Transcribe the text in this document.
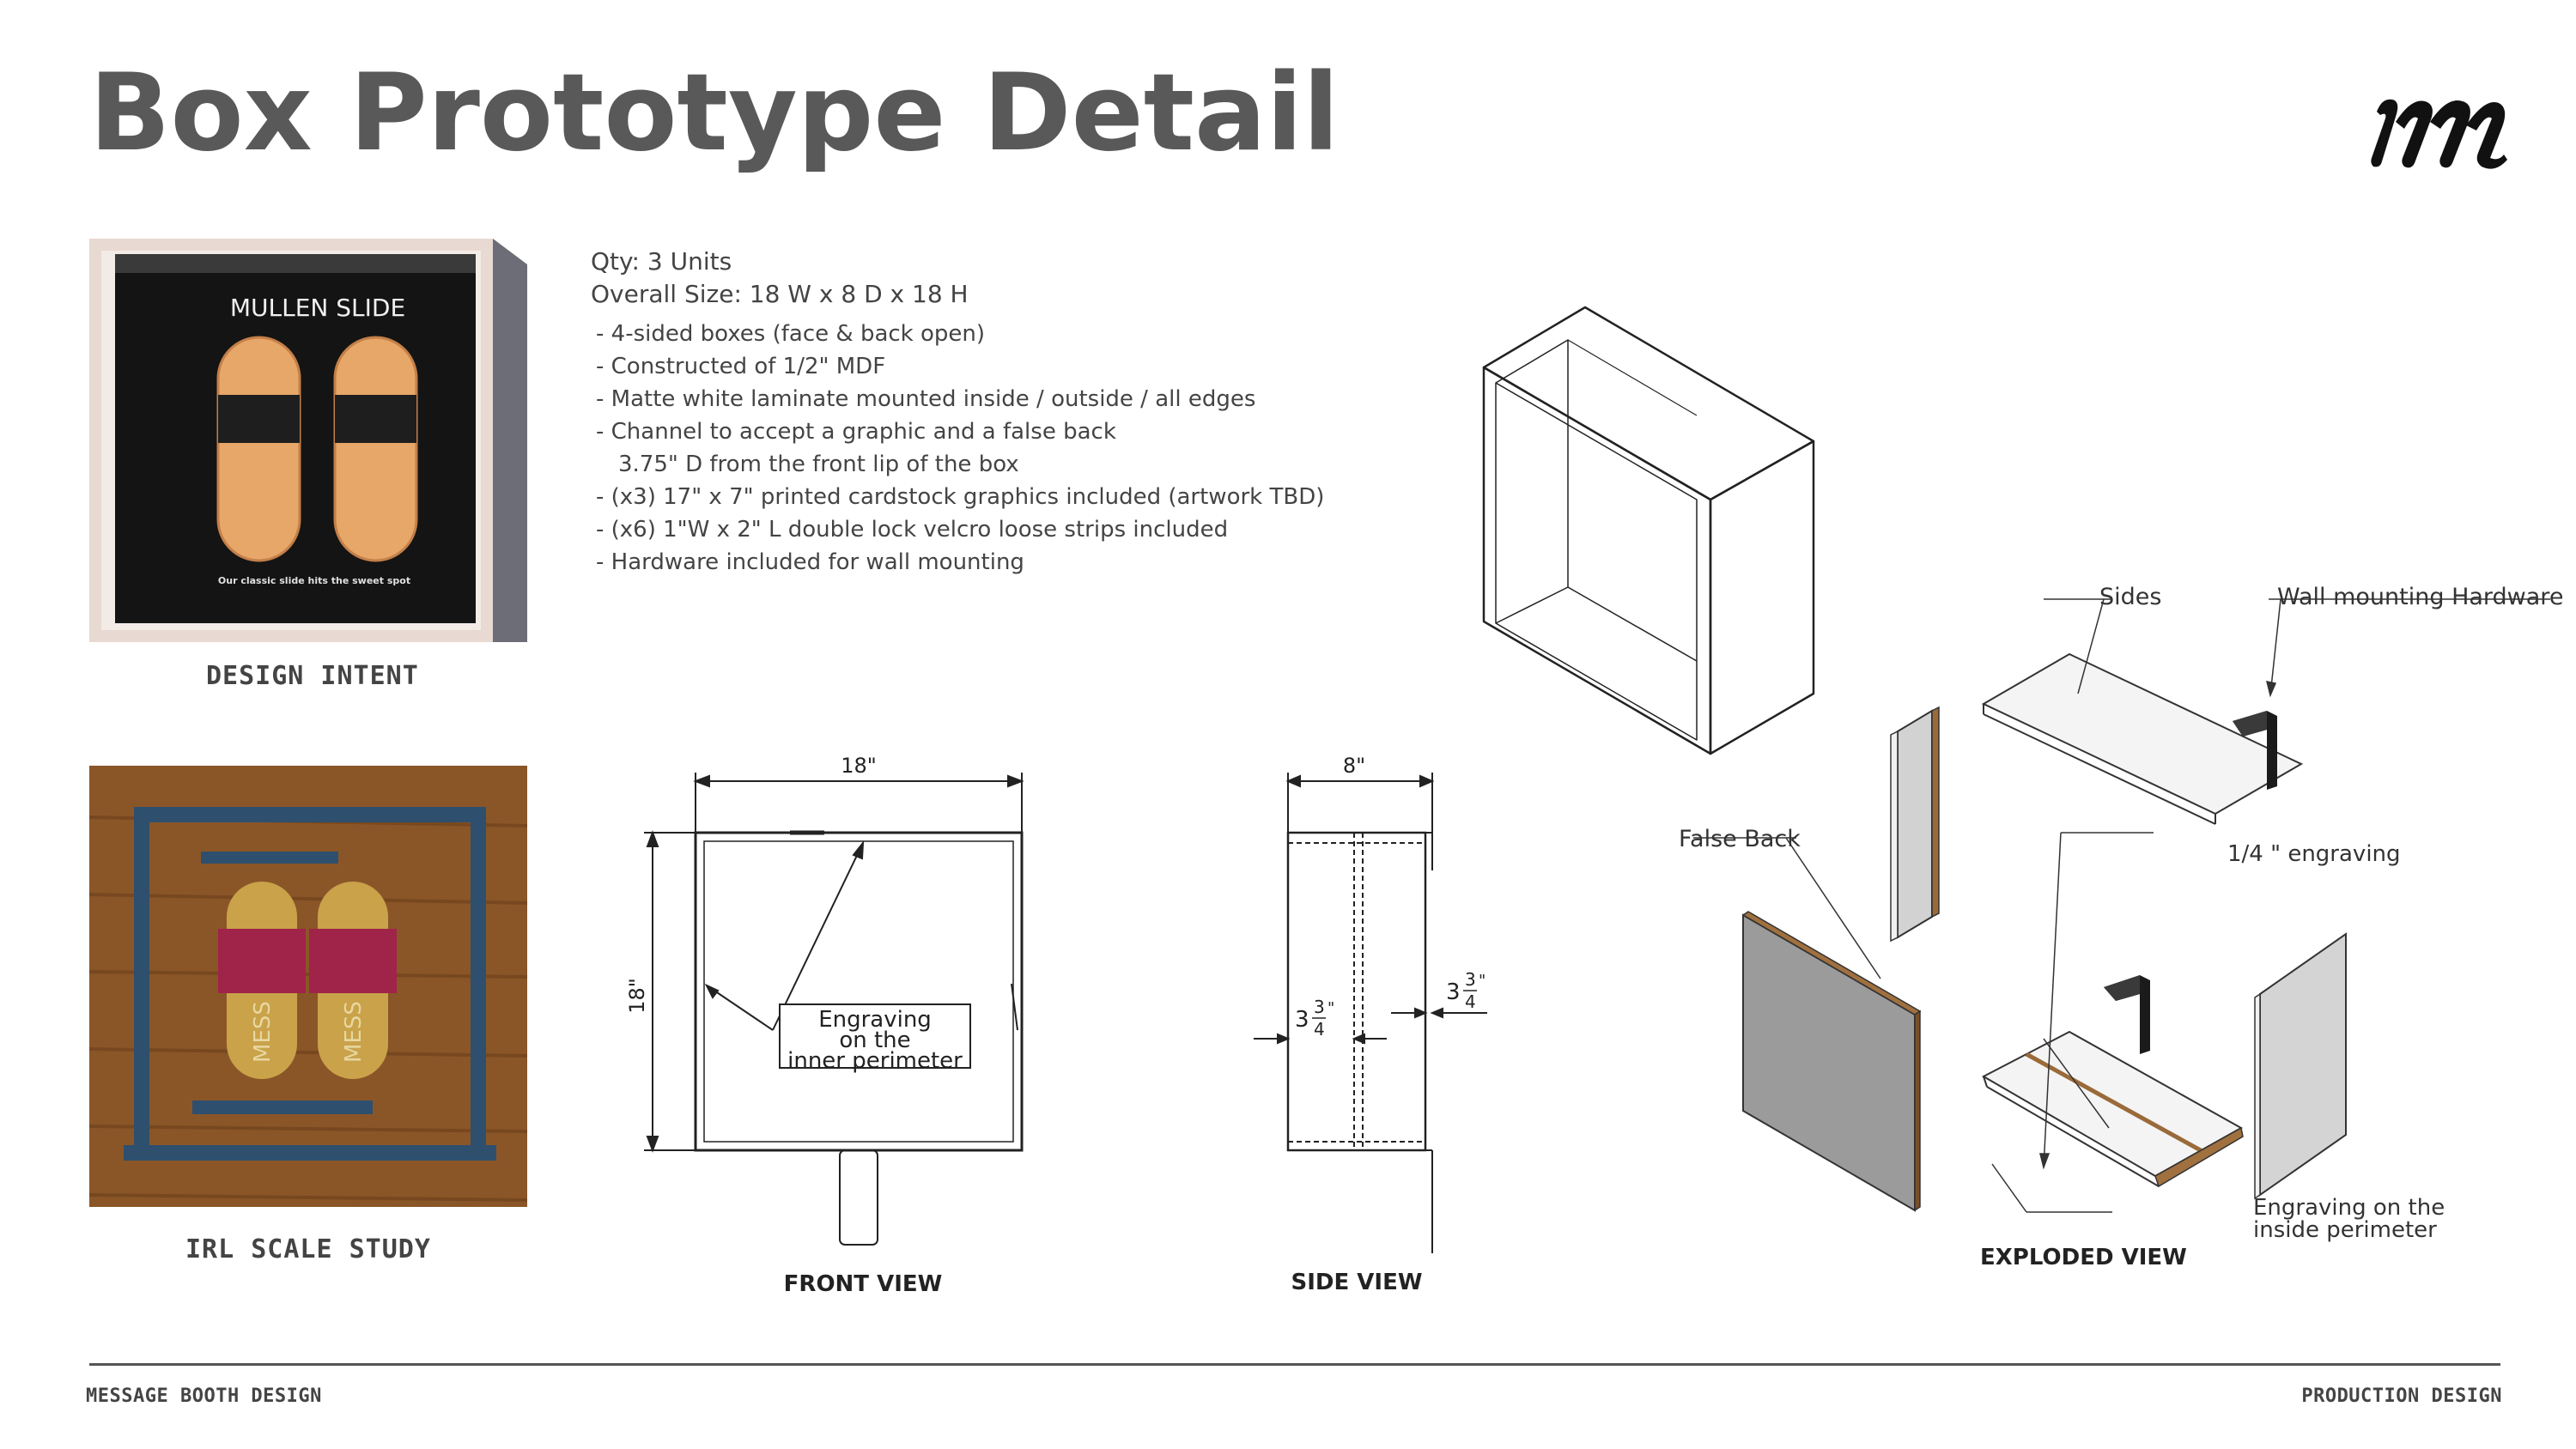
Box Prototype Detail
MULLEN SLIDE
Our classic slide hits the sweet spot
DESIGN INTENT
MESS	MESS
IRL SCALE STUDY
Qty: 3 Units
Overall Size: 18 W x 8 D x 18 H
- 4-sided boxes (face & back open)
- Constructed of 1/2" MDF
- Matte white laminate mounted inside / outside / all edges
- Channel to accept a graphic and a false back
3.75" D from the front lip of the box
- (x3) 17" x 7" printed cardstock graphics included (artwork TBD)
- (x6) 1"W x 2" L double lock velcro loose strips included
- Hardware included for wall mounting
18"
18"
Engraving
on the
inner perimeter
FRONT VIEW
8"
3 3
4
"
3 3
4
"
SIDE VIEW
Sides	Wall mounting Hardware
False Back
1/4 " engraving
Engraving on the
inside perimeter
EXPLODED VIEW
MESSAGE BOOTH DESIGN	PRODUCTION DESIGN
